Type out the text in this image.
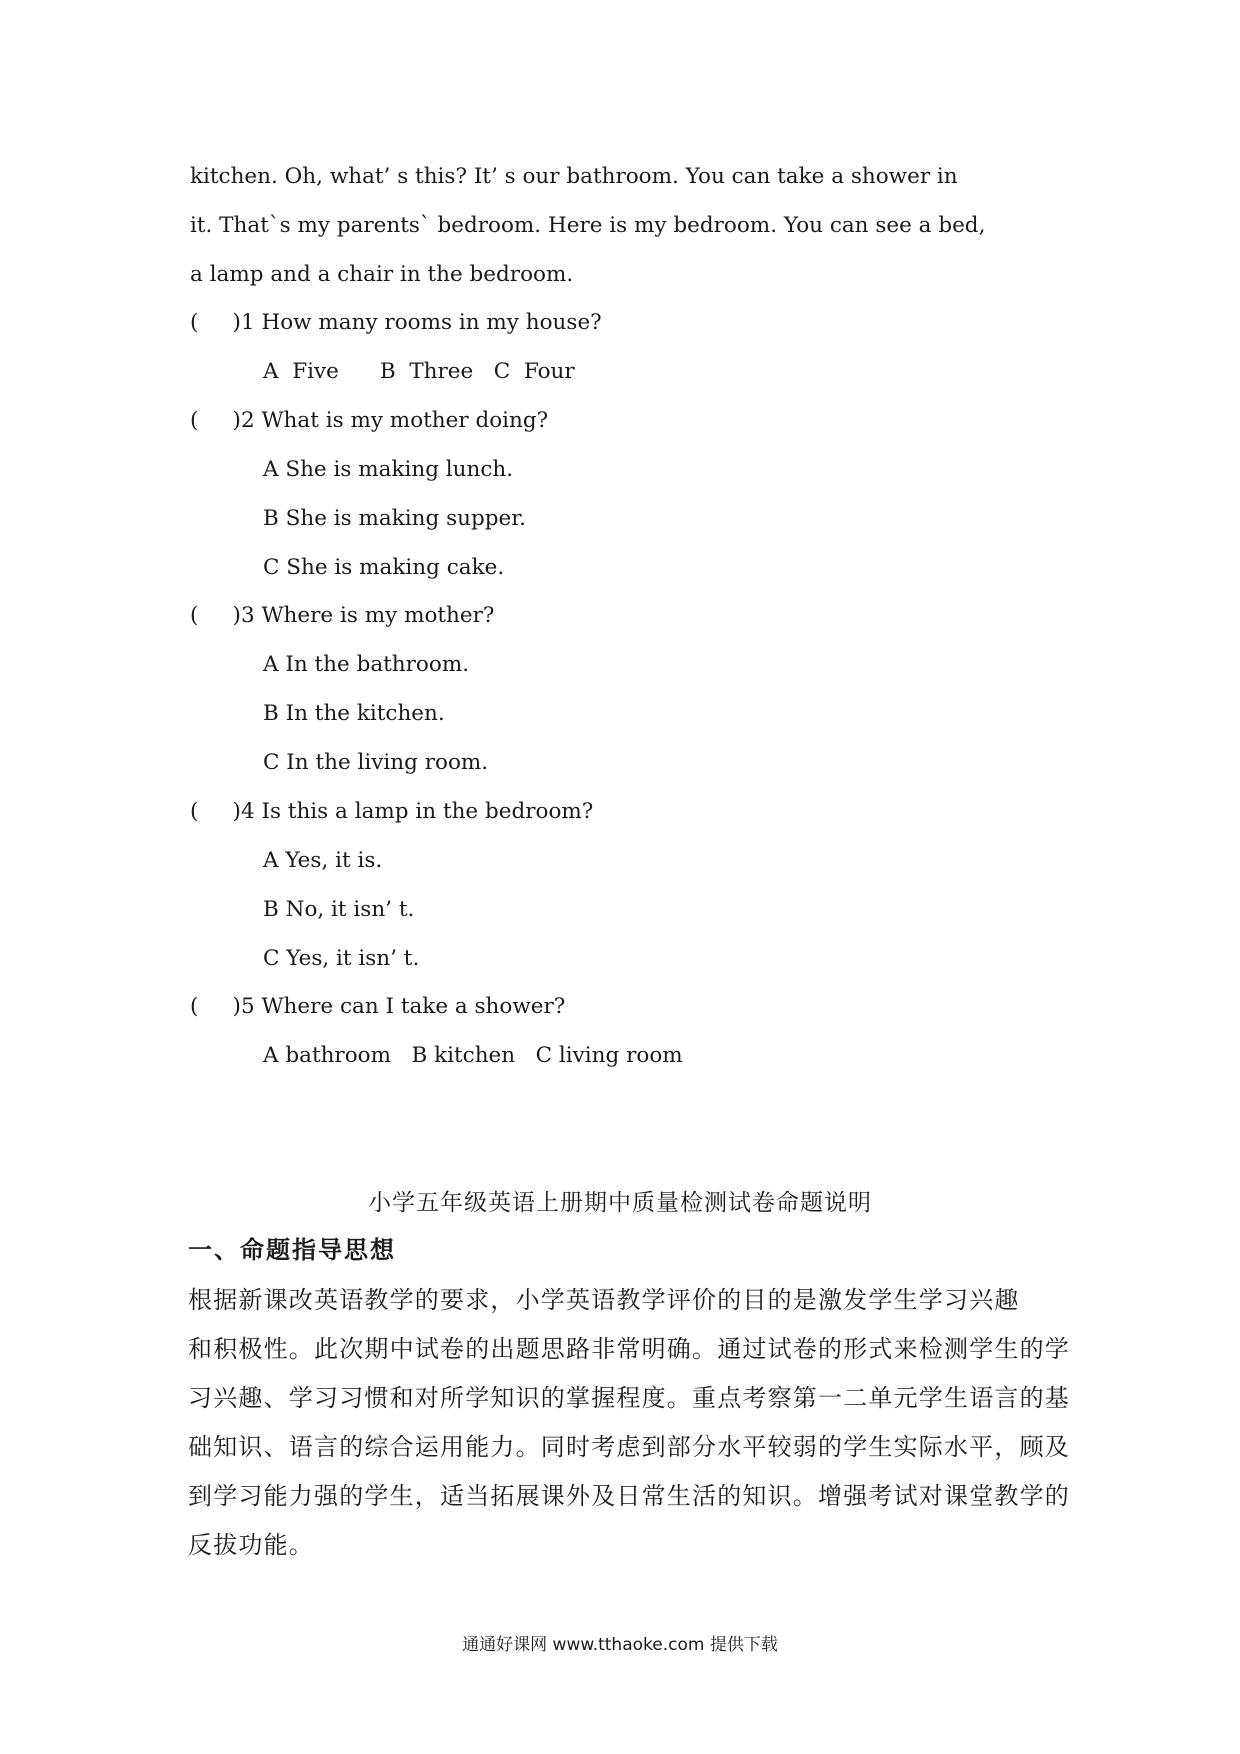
kitchen. Oh, what’ s this? It’ s our bathroom. You can take a shower in
it. That`s my parents` bedroom. Here is my bedroom. You can see a bed,
a lamp and a chair in the bedroom.
(     )1 How many rooms in my house?
A  Five      B  Three   C  Four
(     )2 What is my mother doing?
A She is making lunch.
B She is making supper.
C She is making cake.
(     )3 Where is my mother?
A In the bathroom.
B In the kitchen.
C In the living room.
(     )4 Is this a lamp in the bedroom?
A Yes, it is.
B No, it isn’ t.
C Yes, it isn’ t.
(     )5 Where can I take a shower?
A bathroom   B kitchen   C living room
小学五年级英语上册期中质量检测试卷命题说明
一、命题指导思想
根据新课改英语教学的要求，小学英语教学评价的目的是激发学生学习兴趣
和积极性。此次期中试卷的出题思路非常明确。通过试卷的形式来检测学生的学
习兴趣、学习习惯和对所学知识的掌握程度。重点考察第一二单元学生语言的基
础知识、语言的综合运用能力。同时考虑到部分水平较弱的学生实际水平，顾及
到学习能力强的学生，适当拓展课外及日常生活的知识。增强考试对课堂教学的
反拔功能。
通通好课网 www.tthaoke.com 提供下载
